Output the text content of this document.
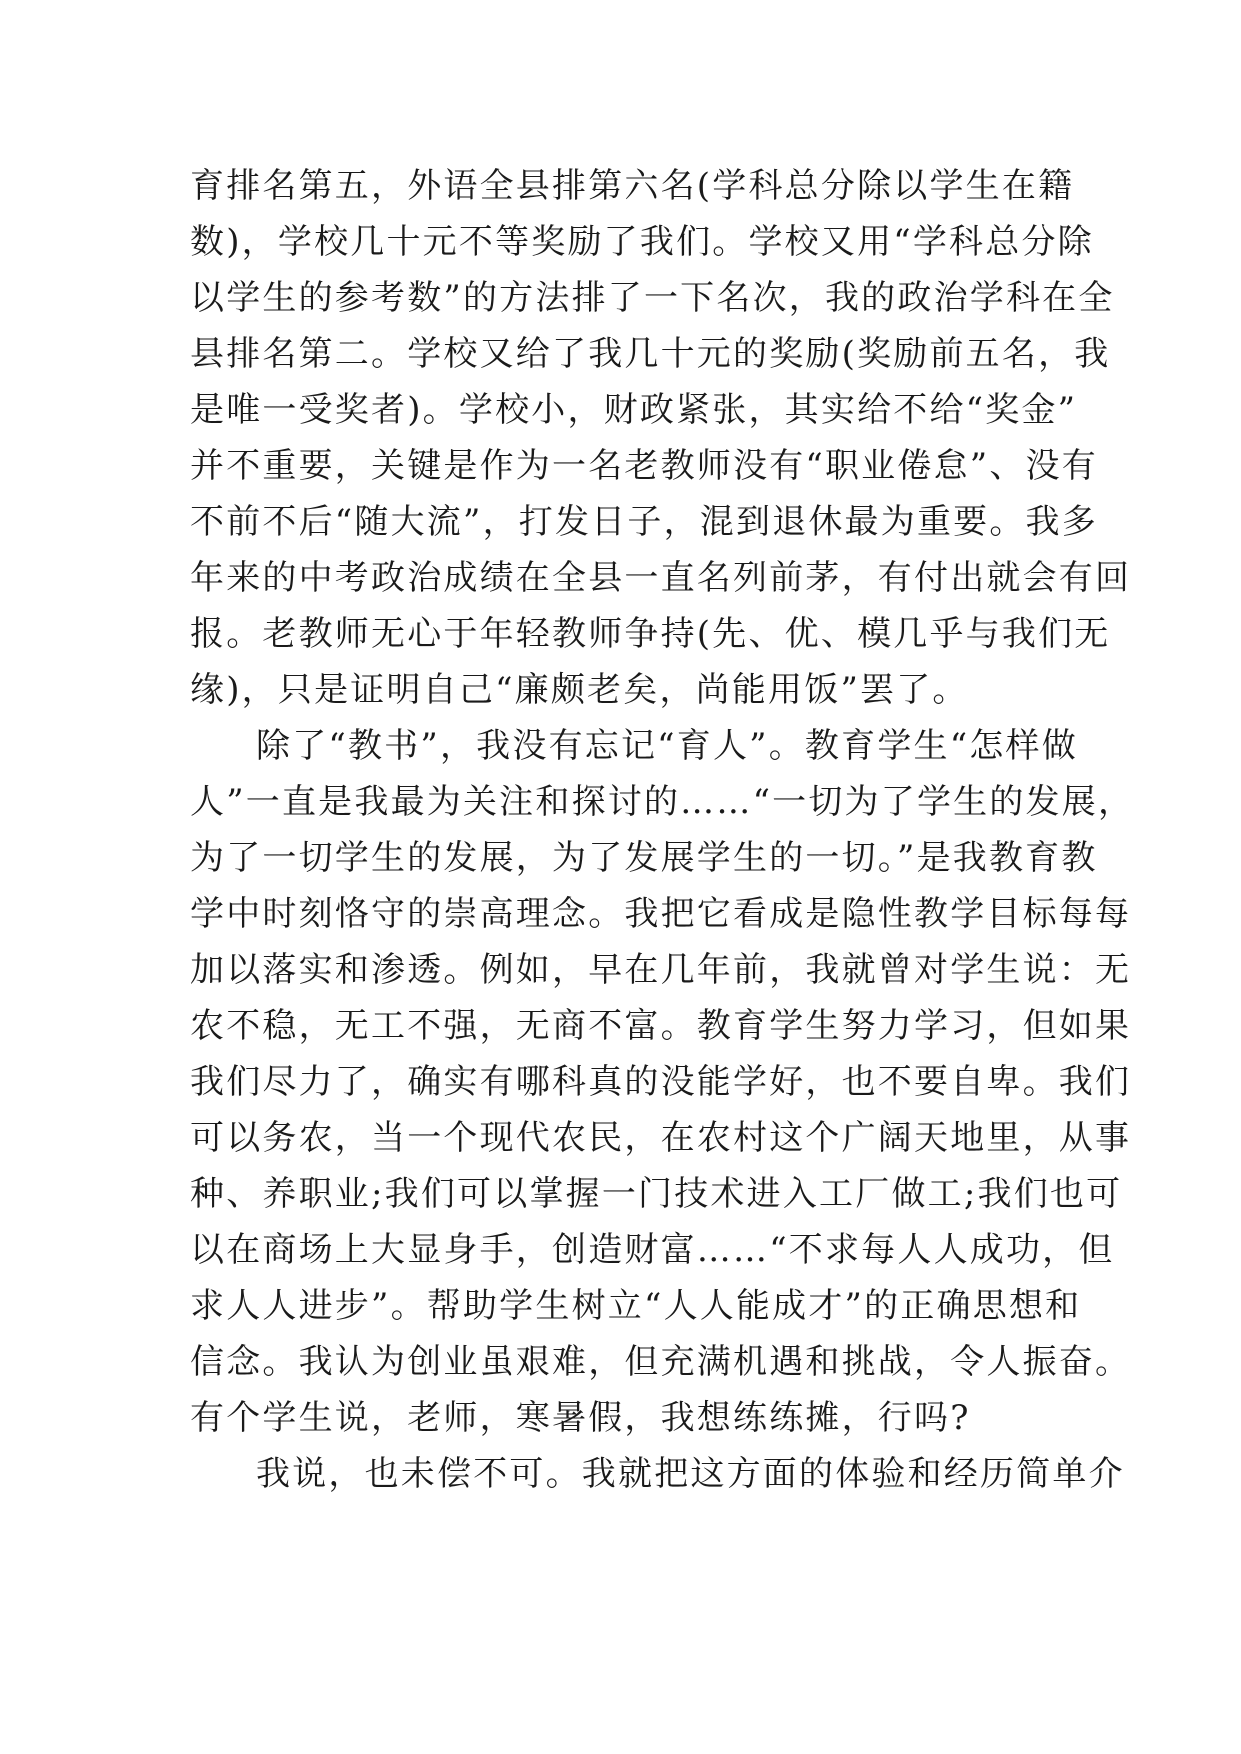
育排名第五，外语全县排第六名(学科总分除以学生在籍
数)，学校几十元不等奖励了我们。学校又用“学科总分除
以学生的参考数”的方法排了一下名次，我的政治学科在全
县排名第二。学校又给了我几十元的奖励(奖励前五名，我
是唯一受奖者)。学校小，财政紧张，其实给不给“奖金”
并不重要，关键是作为一名老教师没有“职业倦怠”、没有
不前不后“随大流”，打发日子，混到退休最为重要。我多
年来的中考政治成绩在全县一直名列前茅，有付出就会有回
报。老教师无心于年轻教师争持(先、优、模几乎与我们无
缘)，只是证明自己“廉颇老矣，尚能用饭”罢了。
除了“教书”，我没有忘记“育人”。教育学生“怎样做
人”一直是我最为关注和探讨的……“一切为了学生的发展，
为了一切学生的发展，为了发展学生的一切。”是我教育教
学中时刻恪守的崇高理念。我把它看成是隐性教学目标每每
加以落实和渗透。例如，早在几年前，我就曾对学生说：无
农不稳，无工不强，无商不富。教育学生努力学习，但如果
我们尽力了，确实有哪科真的没能学好，也不要自卑。我们
可以务农，当一个现代农民，在农村这个广阔天地里，从事
种、养职业;我们可以掌握一门技术进入工厂做工;我们也可
以在商场上大显身手，创造财富……“不求每人人成功，但
求人人进步”。帮助学生树立“人人能成才”的正确思想和
信念。我认为创业虽艰难，但充满机遇和挑战，令人振奋。
有个学生说，老师，寒暑假，我想练练摊，行吗?
我说，也未偿不可。我就把这方面的体验和经历简单介
